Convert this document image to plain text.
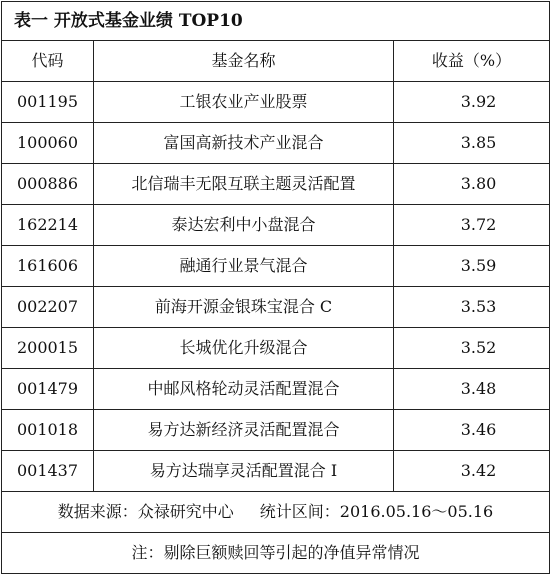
表一 开放式基金业绩 TOP10		
代码	基金名称	收益（%）
001195	工银农业产业股票	3.92
100060	富国高新技术产业混合	3.85
000886	北信瑞丰无限互联主题灵活配置	3.80
162214	泰达宏利中小盘混合	3.72
161606	融通行业景气混合	3.59
002207	前海开源金银珠宝混合 C	3.53
200015	长城优化升级混合	3.52
001479	中邮风格轮动灵活配置混合	3.48
001018	易方达新经济灵活配置混合	3.46
001437	易方达瑞享灵活配置混合 I	3.42
数据来源：众禄研究中心 统计区间：2016.05.16～05.16		
注：剔除巨额赎回等引起的净值异常情况		
